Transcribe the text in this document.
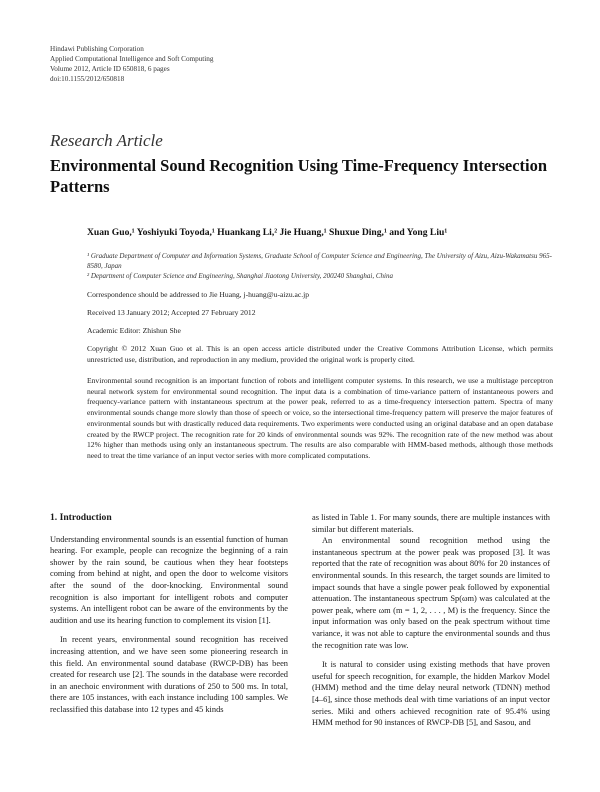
Hindawi Publishing Corporation
Applied Computational Intelligence and Soft Computing
Volume 2012, Article ID 650818, 6 pages
doi:10.1155/2012/650818
Research Article
Environmental Sound Recognition Using Time-Frequency Intersection Patterns
Xuan Guo,¹ Yoshiyuki Toyoda,¹ Huankang Li,² Jie Huang,¹ Shuxue Ding,¹ and Yong Liu¹
¹ Graduate Department of Computer and Information Systems, Graduate School of Computer Science and Engineering, The University of Aizu, Aizu-Wakamatsu 965-8580, Japan
² Department of Computer Science and Engineering, Shanghai Jiaotong University, 200240 Shanghai, China
Correspondence should be addressed to Jie Huang, j-huang@u-aizu.ac.jp
Received 13 January 2012; Accepted 27 February 2012
Academic Editor: Zhishun She
Copyright © 2012 Xuan Guo et al. This is an open access article distributed under the Creative Commons Attribution License, which permits unrestricted use, distribution, and reproduction in any medium, provided the original work is properly cited.
Environmental sound recognition is an important function of robots and intelligent computer systems. In this research, we use a multistage perceptron neural network system for environmental sound recognition. The input data is a combination of time-variance pattern of instantaneous powers and frequency-variance pattern with instantaneous spectrum at the power peak, referred to as a time-frequency intersection pattern. Spectra of many environmental sounds change more slowly than those of speech or voice, so the intersectional time-frequency pattern will preserve the major features of environmental sounds but with drastically reduced data requirements. Two experiments were conducted using an original database and an open database created by the RWCP project. The recognition rate for 20 kinds of environmental sounds was 92%. The recognition rate of the new method was about 12% higher than methods using only an instantaneous spectrum. The results are also comparable with HMM-based methods, although those methods need to treat the time variance of an input vector series with more complicated computations.
1. Introduction

Understanding environmental sounds is an essential function of human hearing. For example, people can recognize the beginning of a rain shower by the rain sound, be cautious when they hear footsteps coming from behind at night, and open the door to welcome visitors after the sound of the door-knocking. Environmental sound recognition is also important for intelligent robots and computer systems. An intelligent robot can be aware of the environments by the audition and use its hearing function to complement its vision [1].

In recent years, environmental sound recognition has received increasing attention, and we have seen some pioneering research in this field. An environmental sound database (RWCP-DB) has been created for research use [2]. The sounds in the database were recorded in an anechoic environment with durations of 250 to 500 ms. In total, there are 105 instances, with each instance including 100 samples. We reclassified this database into 12 types and 45 kinds

as listed in Table 1. For many sounds, there are multiple instances with similar but different materials.

An environmental sound recognition method using the instantaneous spectrum at the power peak was proposed [3]. It was reported that the rate of recognition was about 80% for 20 instances of environmental sounds. In this research, the target sounds are limited to impact sounds that have a single power peak followed by exponential attenuation. The instantaneous spectrum Sp(ωm) was calculated at the power peak, where ωm (m = 1, 2, . . . , M) is the frequency. Since the input information was only based on the peak spectrum without time variance, it was not able to capture the environmental sounds and thus the recognition rate was low.

It is natural to consider using existing methods that have proven useful for speech recognition, for example, the hidden Markov Model (HMM) method and the time delay neural network (TDNN) method [4–6], since those methods deal with time variations of an input vector series. Miki and others achieved recognition rate of 95.4% using HMM method for 90 instances of RWCP-DB [5], and Sasou, and
